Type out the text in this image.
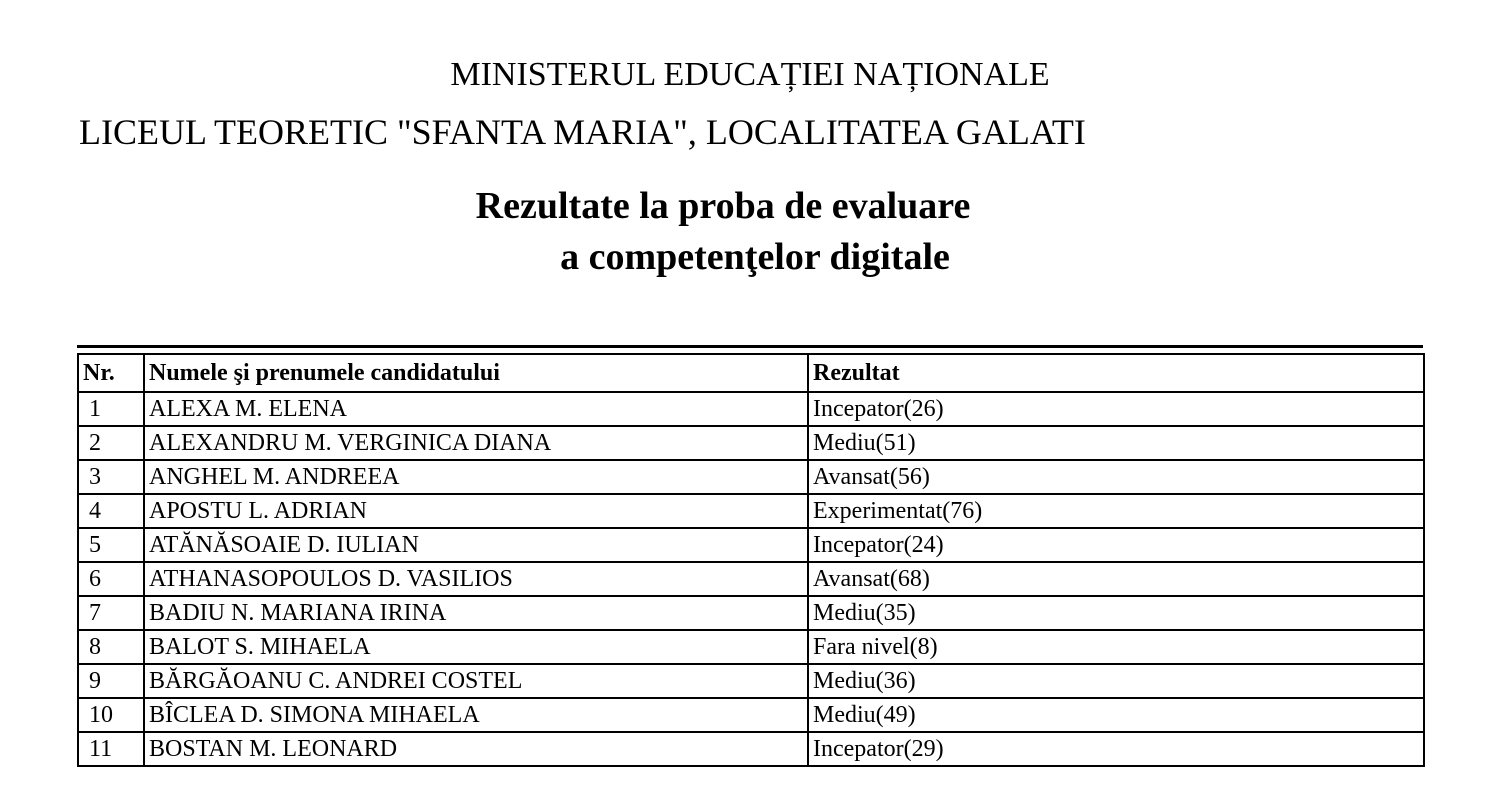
MINISTERUL EDUCAȚIEI NAȚIONALE
LICEUL TEORETIC "SFANTA MARIA", LOCALITATEA GALATI
Rezultate la proba de evaluare
a competenţelor digitale
Nr.	Numele şi prenumele candidatului	Rezultat
1	ALEXA M. ELENA	Incepator(26)
2	ALEXANDRU M. VERGINICA DIANA	Mediu(51)
3	ANGHEL M. ANDREEA	Avansat(56)
4	APOSTU L. ADRIAN	Experimentat(76)
5	ATĂNĂSOAIE D. IULIAN	Incepator(24)
6	ATHANASOPOULOS D. VASILIOS	Avansat(68)
7	BADIU N. MARIANA IRINA	Mediu(35)
8	BALOT S. MIHAELA	Fara nivel(8)
9	BĂRGĂOANU C. ANDREI COSTEL	Mediu(36)
10	BÎCLEA D. SIMONA MIHAELA	Mediu(49)
11	BOSTAN M. LEONARD	Incepator(29)
